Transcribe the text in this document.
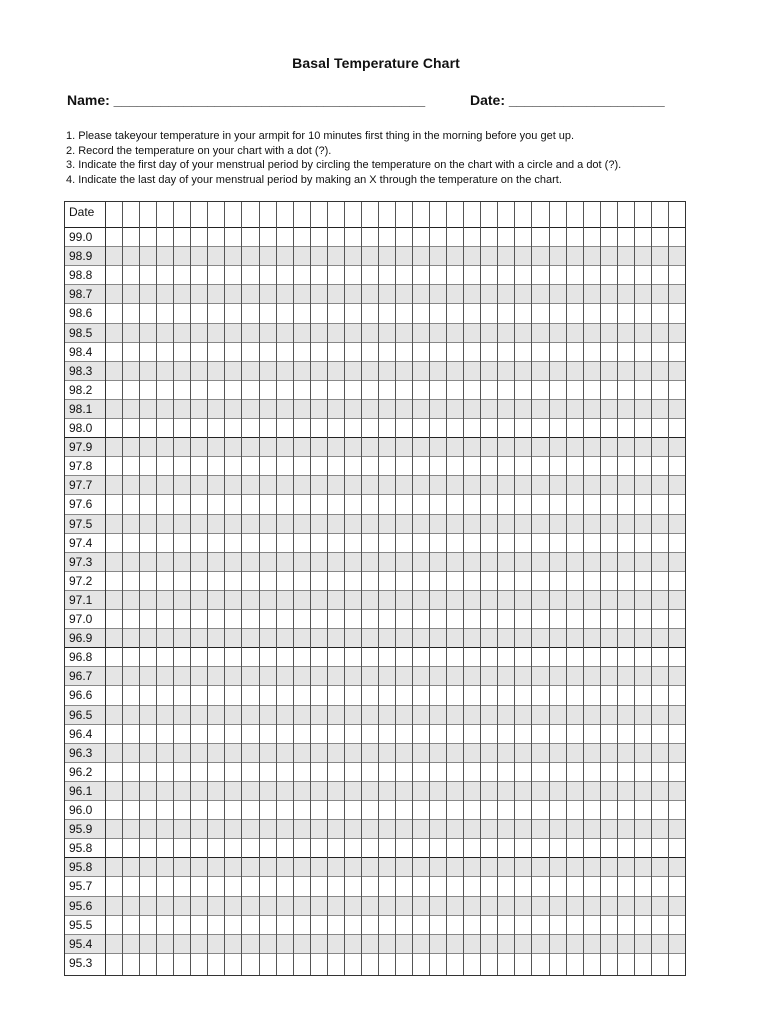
Basal Temperature Chart
Name: ________________________________________	Date: ____________________
1. Please takeyour temperature in your armpit for 10 minutes first thing in the morning before you get up.
2. Record the temperature on your chart with a dot (?).
3. Indicate the first day of your menstrual period by circling the temperature on the chart with a circle and a dot (?).
4. Indicate the last day of your menstrual period by making an X through the temperature on the chart.
Date
99.0
98.9
98.8
98.7
98.6
98.5
98.4
98.3
98.2
98.1
98.0
97.9
97.8
97.7
97.6
97.5
97.4
97.3
97.2
97.1
97.0
96.9
96.8
96.7
96.6
96.5
96.4
96.3
96.2
96.1
96.0
95.9
95.8
95.8
95.7
95.6
95.5
95.4
95.3
